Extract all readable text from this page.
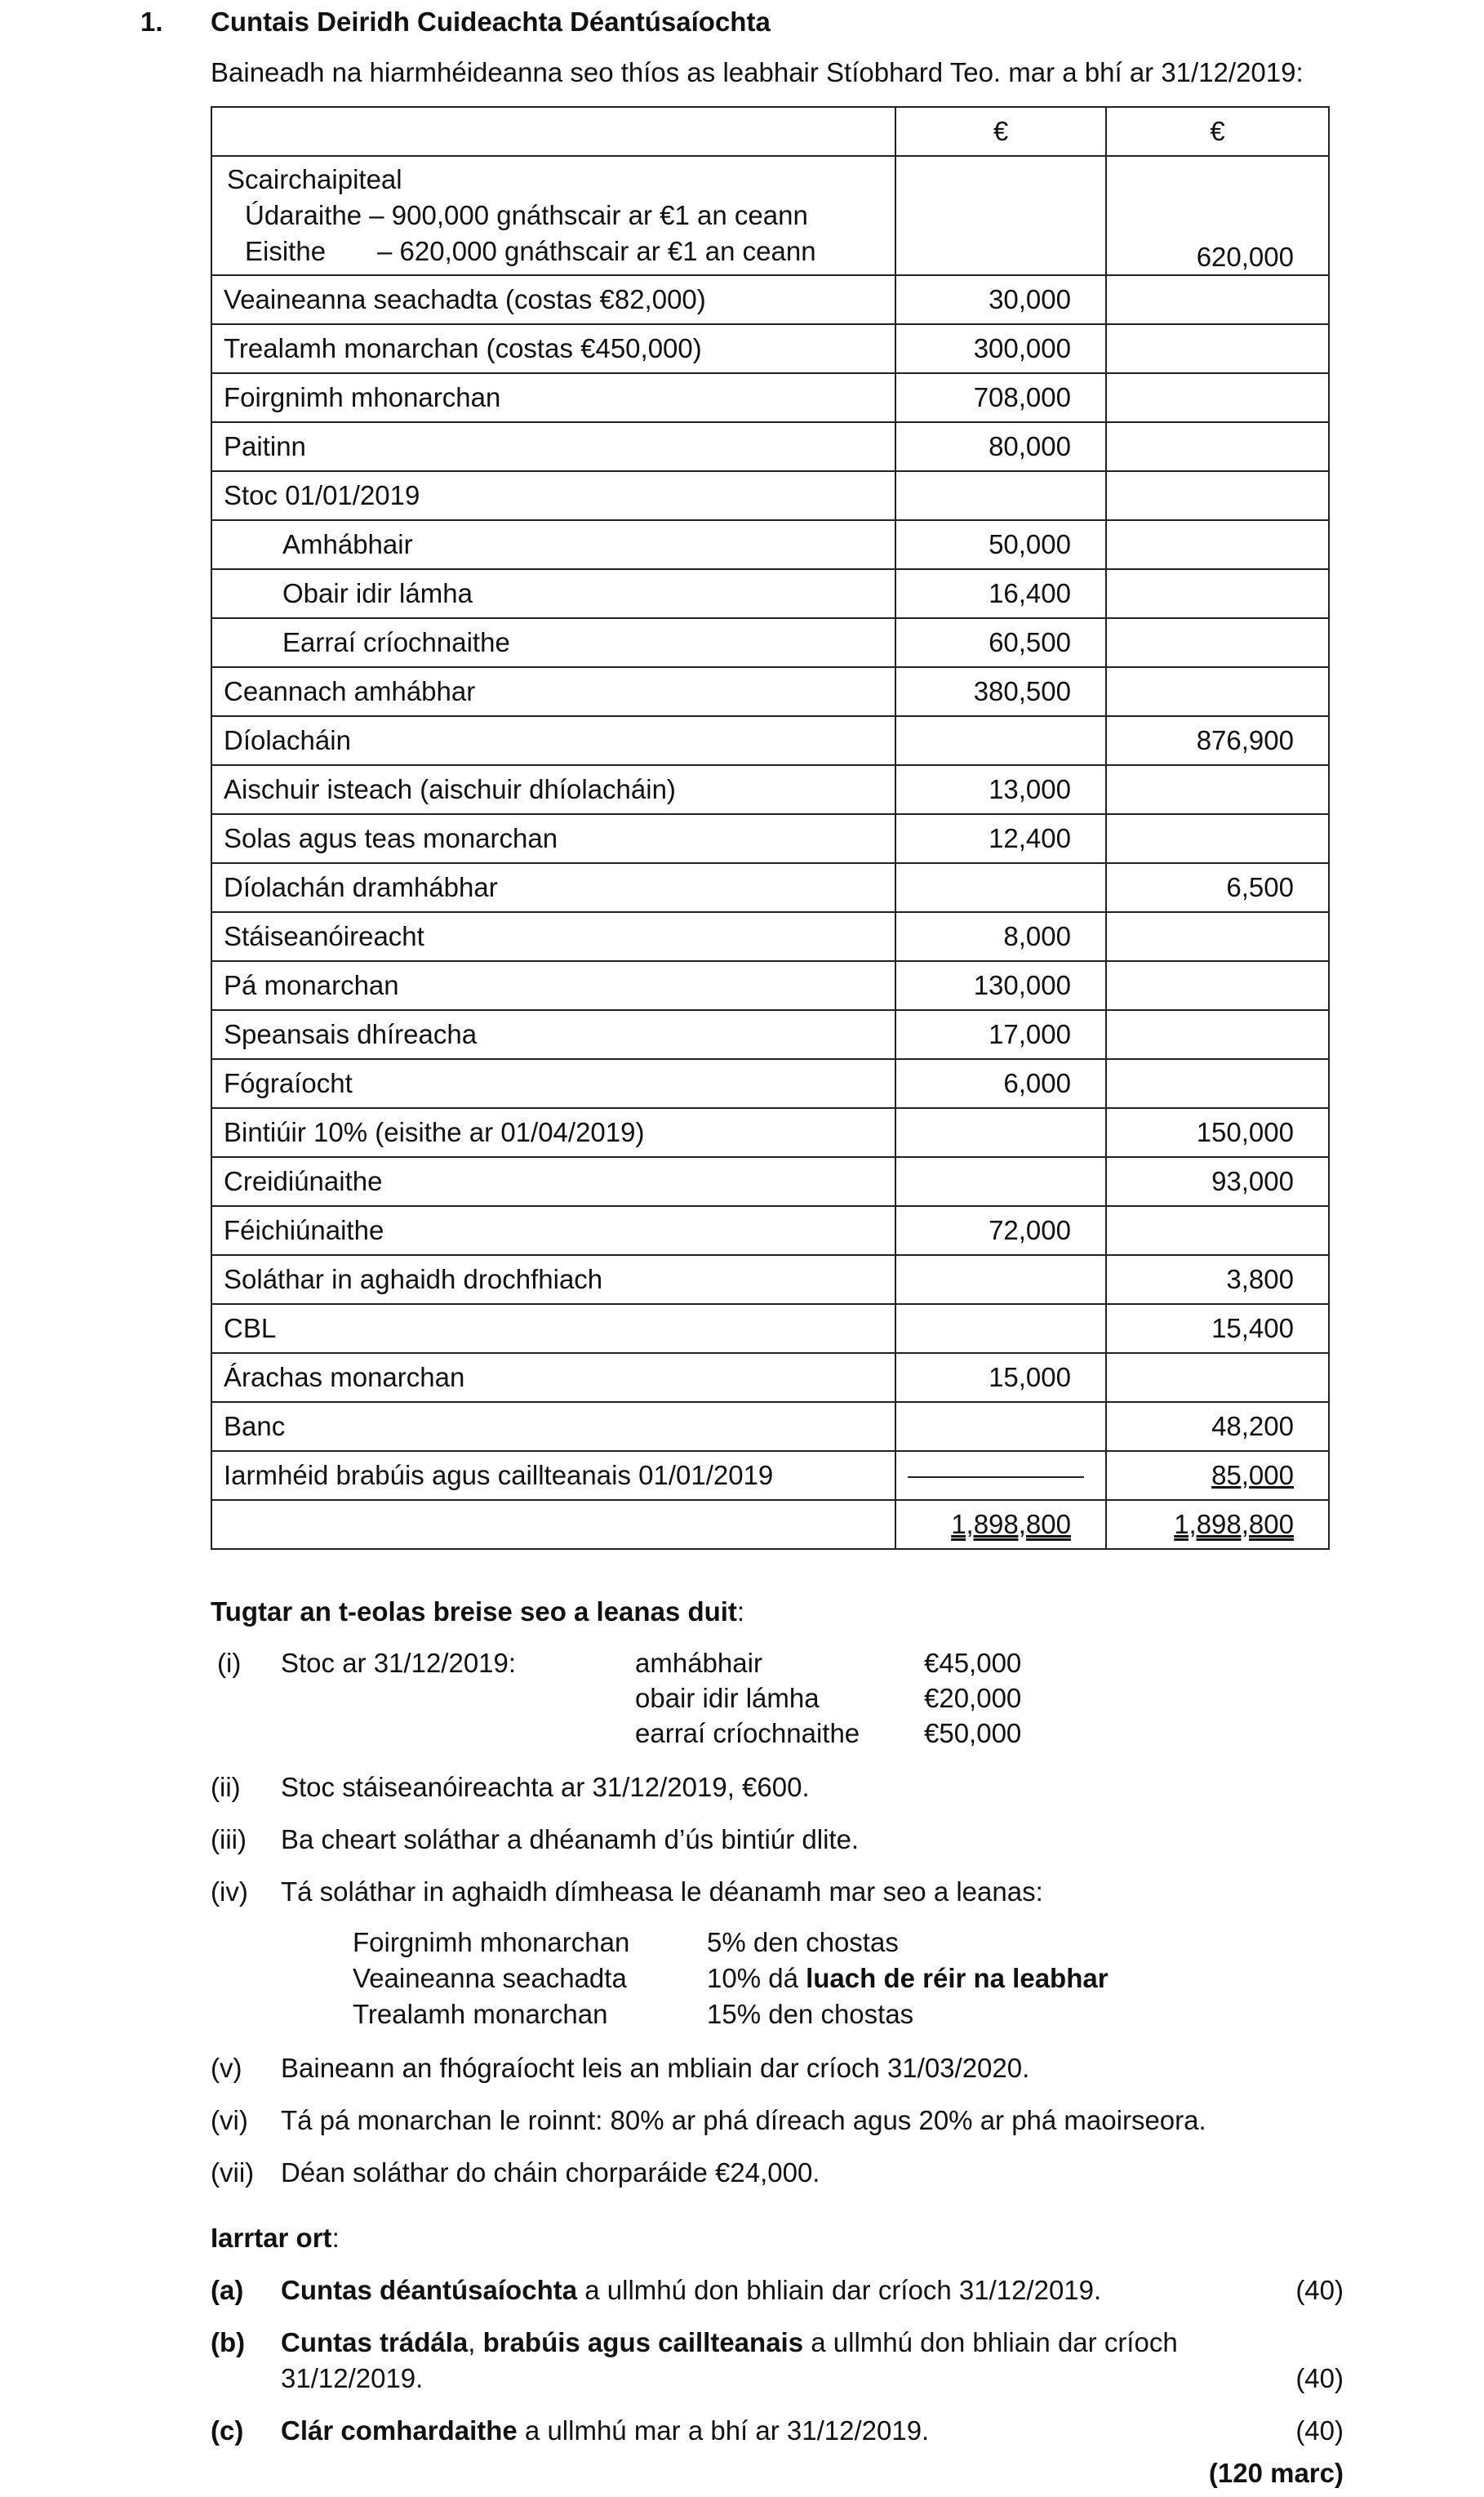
1. Cuntais Deiridh Cuideachta Déantúsaíochta
Baineadh na hiarmhéideanna seo thíos as leabhair Stíobhard Teo. mar a bhí ar 31/12/2019:
	€	€

Scairchaipiteal
Údaraithe – 900,000 gnáthscair ar €1 an ceann
Eisithe – 620,000 gnáthscair ar €1 an ceann		620,000
Veaineanna seachadta (costas €82,000)	30,000	
Trealamh monarchan (costas €450,000)	300,000	
Foirgnimh mhonarchan	708,000	
Paitinn	80,000	
Stoc 01/01/2019		
Amhábhair	50,000	
Obair idir lámha	16,400	
Earraí críochnaithe	60,500	
Ceannach amhábhar	380,500	
Díolacháin		876,900
Aischuir isteach (aischuir dhíolacháin)	13,000	
Solas agus teas monarchan	12,400	
Díolachán dramhábhar		6,500
Stáiseanóireacht	8,000	
Pá monarchan	130,000	
Speansais dhíreacha	17,000	
Fógraíocht	6,000	
Bintiúir 10% (eisithe ar 01/04/2019)		150,000
Creidiúnaithe		93,000
Féichiúnaithe	72,000	
Soláthar in aghaidh drochfhiach		3,800
CBL		15,400
Árachas monarchan	15,000	
Banc		48,200
Iarmhéid brabúis agus caillteanais 01/01/2019		85,000
	1,898,800	1,898,800
Tugtar an t-eolas breise seo a leanas duit:
(i) Stoc ar 31/12/2019:	amhábhair	€45,000
obair idir lámha	€20,000
earraí críochnaithe €50,000
(ii) Stoc stáiseanóireachta ar 31/12/2019, €600.
(iii) Ba cheart soláthar a dhéanamh d’ús bintiúr dlite.
(iv) Tá soláthar in aghaidh dímheasa le déanamh mar seo a leanas:
Foirgnimh mhonarchan	5% den chostas
Veaineanna seachadta	10% dá luach de réir na leabhar
Trealamh monarchan	15% den chostas
(v) Baineann an fhógraíocht leis an mbliain dar críoch 31/03/2020.
(vi) Tá pá monarchan le roinnt: 80% ar phá díreach agus 20% ar phá maoirseora.
(vii) Déan soláthar do cháin chorparáide €24,000.
Iarrtar ort:
(a) Cuntas déantúsaíochta a ullmhú don bhliain dar críoch 31/12/2019.	(40)
(b) Cuntas trádála, brabúis agus caillteanais a ullmhú don bhliain dar críoch
31/12/2019.	(40)
(c) Clár comhardaithe a ullmhú mar a bhí ar 31/12/2019.	(40)
(120 marc)
